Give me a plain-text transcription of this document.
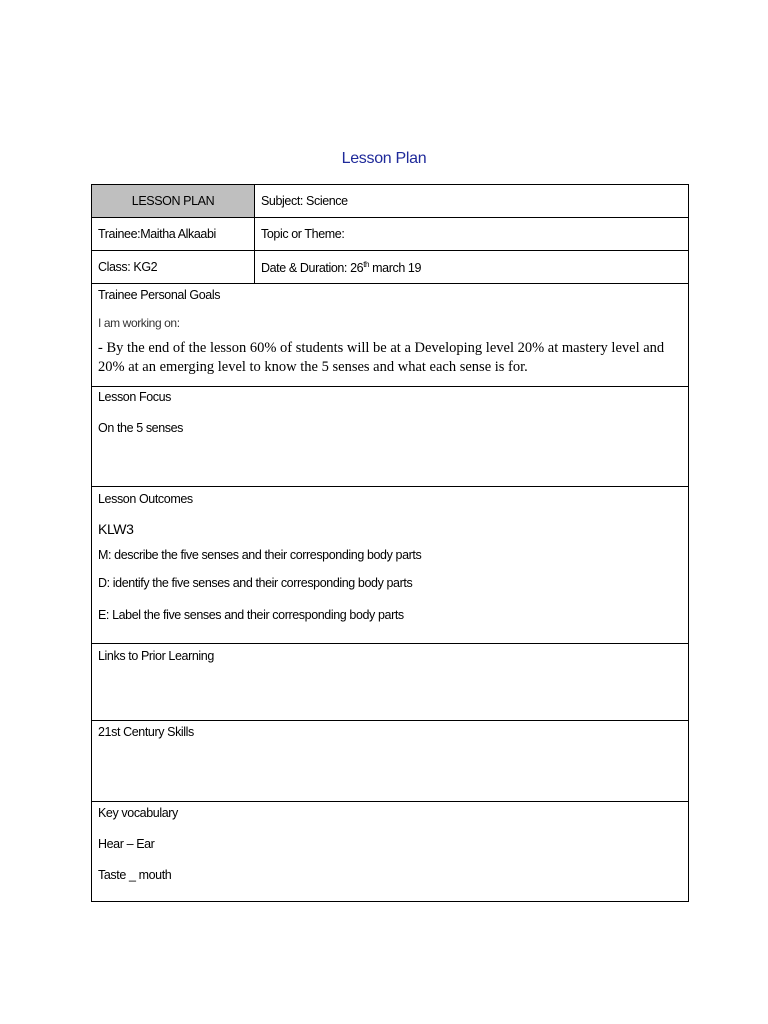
Lesson Plan
LESSON PLAN	Subject: Science

Trainee:Maitha Alkaabi	Topic or Theme:

Class: KG2	Date & Duration: 26th march 19

Trainee Personal Goals
I am working on:
- By the end of the lesson 60% of students will be at a Developing level 20% at mastery level and 20% at an emerging level to know the 5 senses and what each sense is for.	

Lesson Focus
On the 5 senses	

Lesson Outcomes
KLW3
M: describe the five senses and their corresponding body parts
D: identify the five senses and their corresponding body parts
E: Label the five senses and their corresponding body parts	

Links to Prior Learning	

21st Century Skills	

Key vocabulary
Hear – Ear
Taste _ mouth	
